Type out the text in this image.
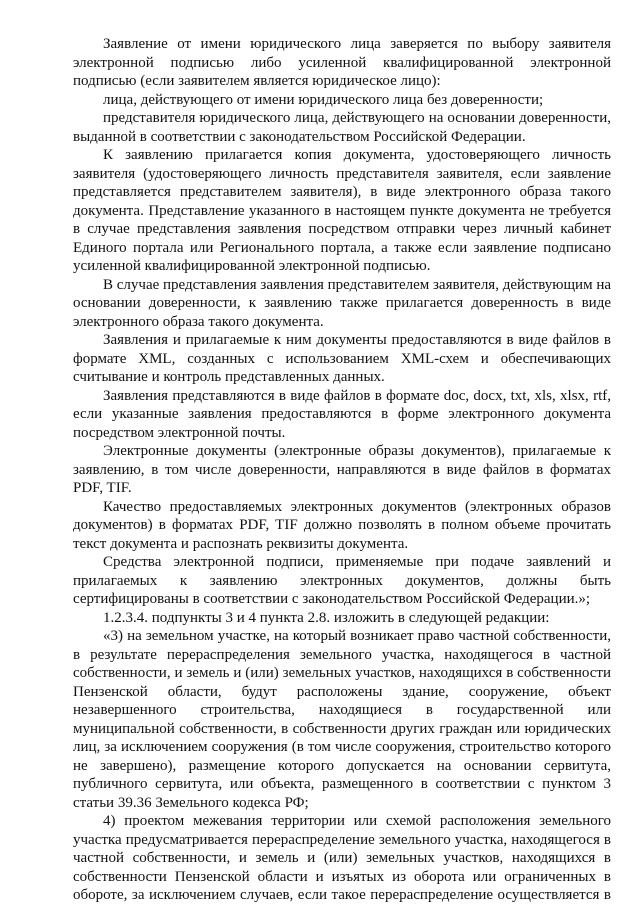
Заявление от имени юридического лица заверяется по выбору заявителя электронной подписью либо усиленной квалифицированной электронной подписью (если заявителем является юридическое лицо):

лица, действующего от имени юридического лица без доверенности;

представителя юридического лица, действующего на основании доверенности, выданной в соответствии с законодательством Российской Федерации.

К заявлению прилагается копия документа, удостоверяющего личность заявителя (удостоверяющего личность представителя заявителя, если заявление представляется представителем заявителя), в виде электронного образа такого документа. Представление указанного в настоящем пункте документа не требуется в случае представления заявления посредством отправки через личный кабинет Единого портала или Регионального портала, а также если заявление подписано усиленной квалифицированной электронной подписью.

В случае представления заявления представителем заявителя, действующим на основании доверенности, к заявлению также прилагается доверенность в виде электронного образа такого документа.

Заявления и прилагаемые к ним документы предоставляются в виде файлов в формате XML, созданных с использованием XML-схем и обеспечивающих считывание и контроль представленных данных.

Заявления представляются в виде файлов в формате doc, docx, txt, xls, xlsx, rtf, если указанные заявления предоставляются в форме электронного документа посредством электронной почты.

Электронные документы (электронные образы документов), прилагаемые к заявлению, в том числе доверенности, направляются в виде файлов в форматах PDF, TIF.

Качество предоставляемых электронных документов (электронных образов документов) в форматах PDF, TIF должно позволять в полном объеме прочитать текст документа и распознать реквизиты документа.

Средства электронной подписи, применяемые при подаче заявлений и прилагаемых к заявлению электронных документов, должны быть сертифицированы в соответствии с законодательством Российской Федерации.»;

1.2.3.4. подпункты 3 и 4 пункта 2.8. изложить в следующей редакции:

«3) на земельном участке, на который возникает право частной собственности, в результате перераспределения земельного участка, находящегося в частной собственности, и земель и (или) земельных участков, находящихся в собственности Пензенской области, будут расположены здание, сооружение, объект незавершенного строительства, находящиеся в государственной или муниципальной собственности, в собственности других граждан или юридических лиц, за исключением сооружения (в том числе сооружения, строительство которого не завершено), размещение которого допускается на основании сервитута, публичного сервитута, или объекта, размещенного в соответствии с пунктом 3 статьи 39.36 Земельного кодекса РФ;

4) проектом межевания территории или схемой расположения земельного участка предусматривается перераспределение земельного участка, находящегося в частной собственности, и земель и (или) земельных участков, находящихся в собственности Пензенской области и изъятых из оборота или ограниченных в обороте, за исключением случаев, если такое перераспределение осуществляется в
